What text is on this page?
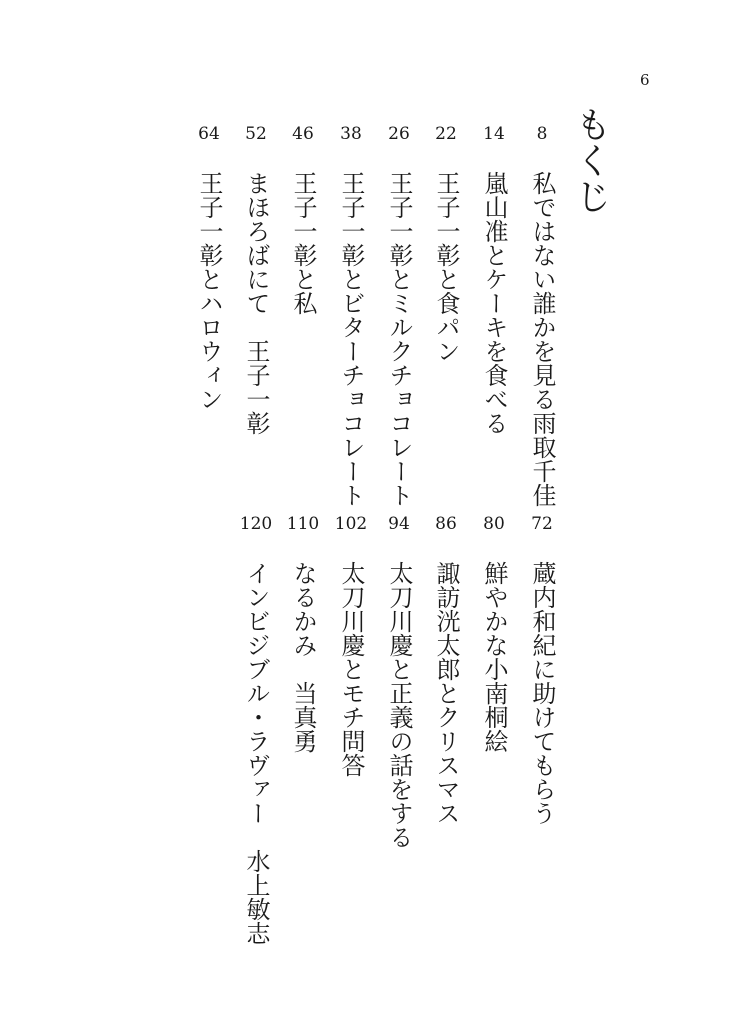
6
もくじ
8
私ではない誰かを見る雨取千佳
14
嵐山准とケーキを食べる
22
王子一彰と食パン
26
王子一彰とミルクチョコレート
38
王子一彰とビターチョコレート
46
王子一彰と私
52
まほろばにて　王子一彰
64
王子一彰とハロウィン
72
蔵内和紀に助けてもらう
80
鮮やかな小南桐絵
86
諏訪洸太郎とクリスマス
94
太刀川慶と正義の話をする
102
太刀川慶とモチ問答
110
なるかみ　当真勇
120
インビジブル・ラヴァー　水上敏志
